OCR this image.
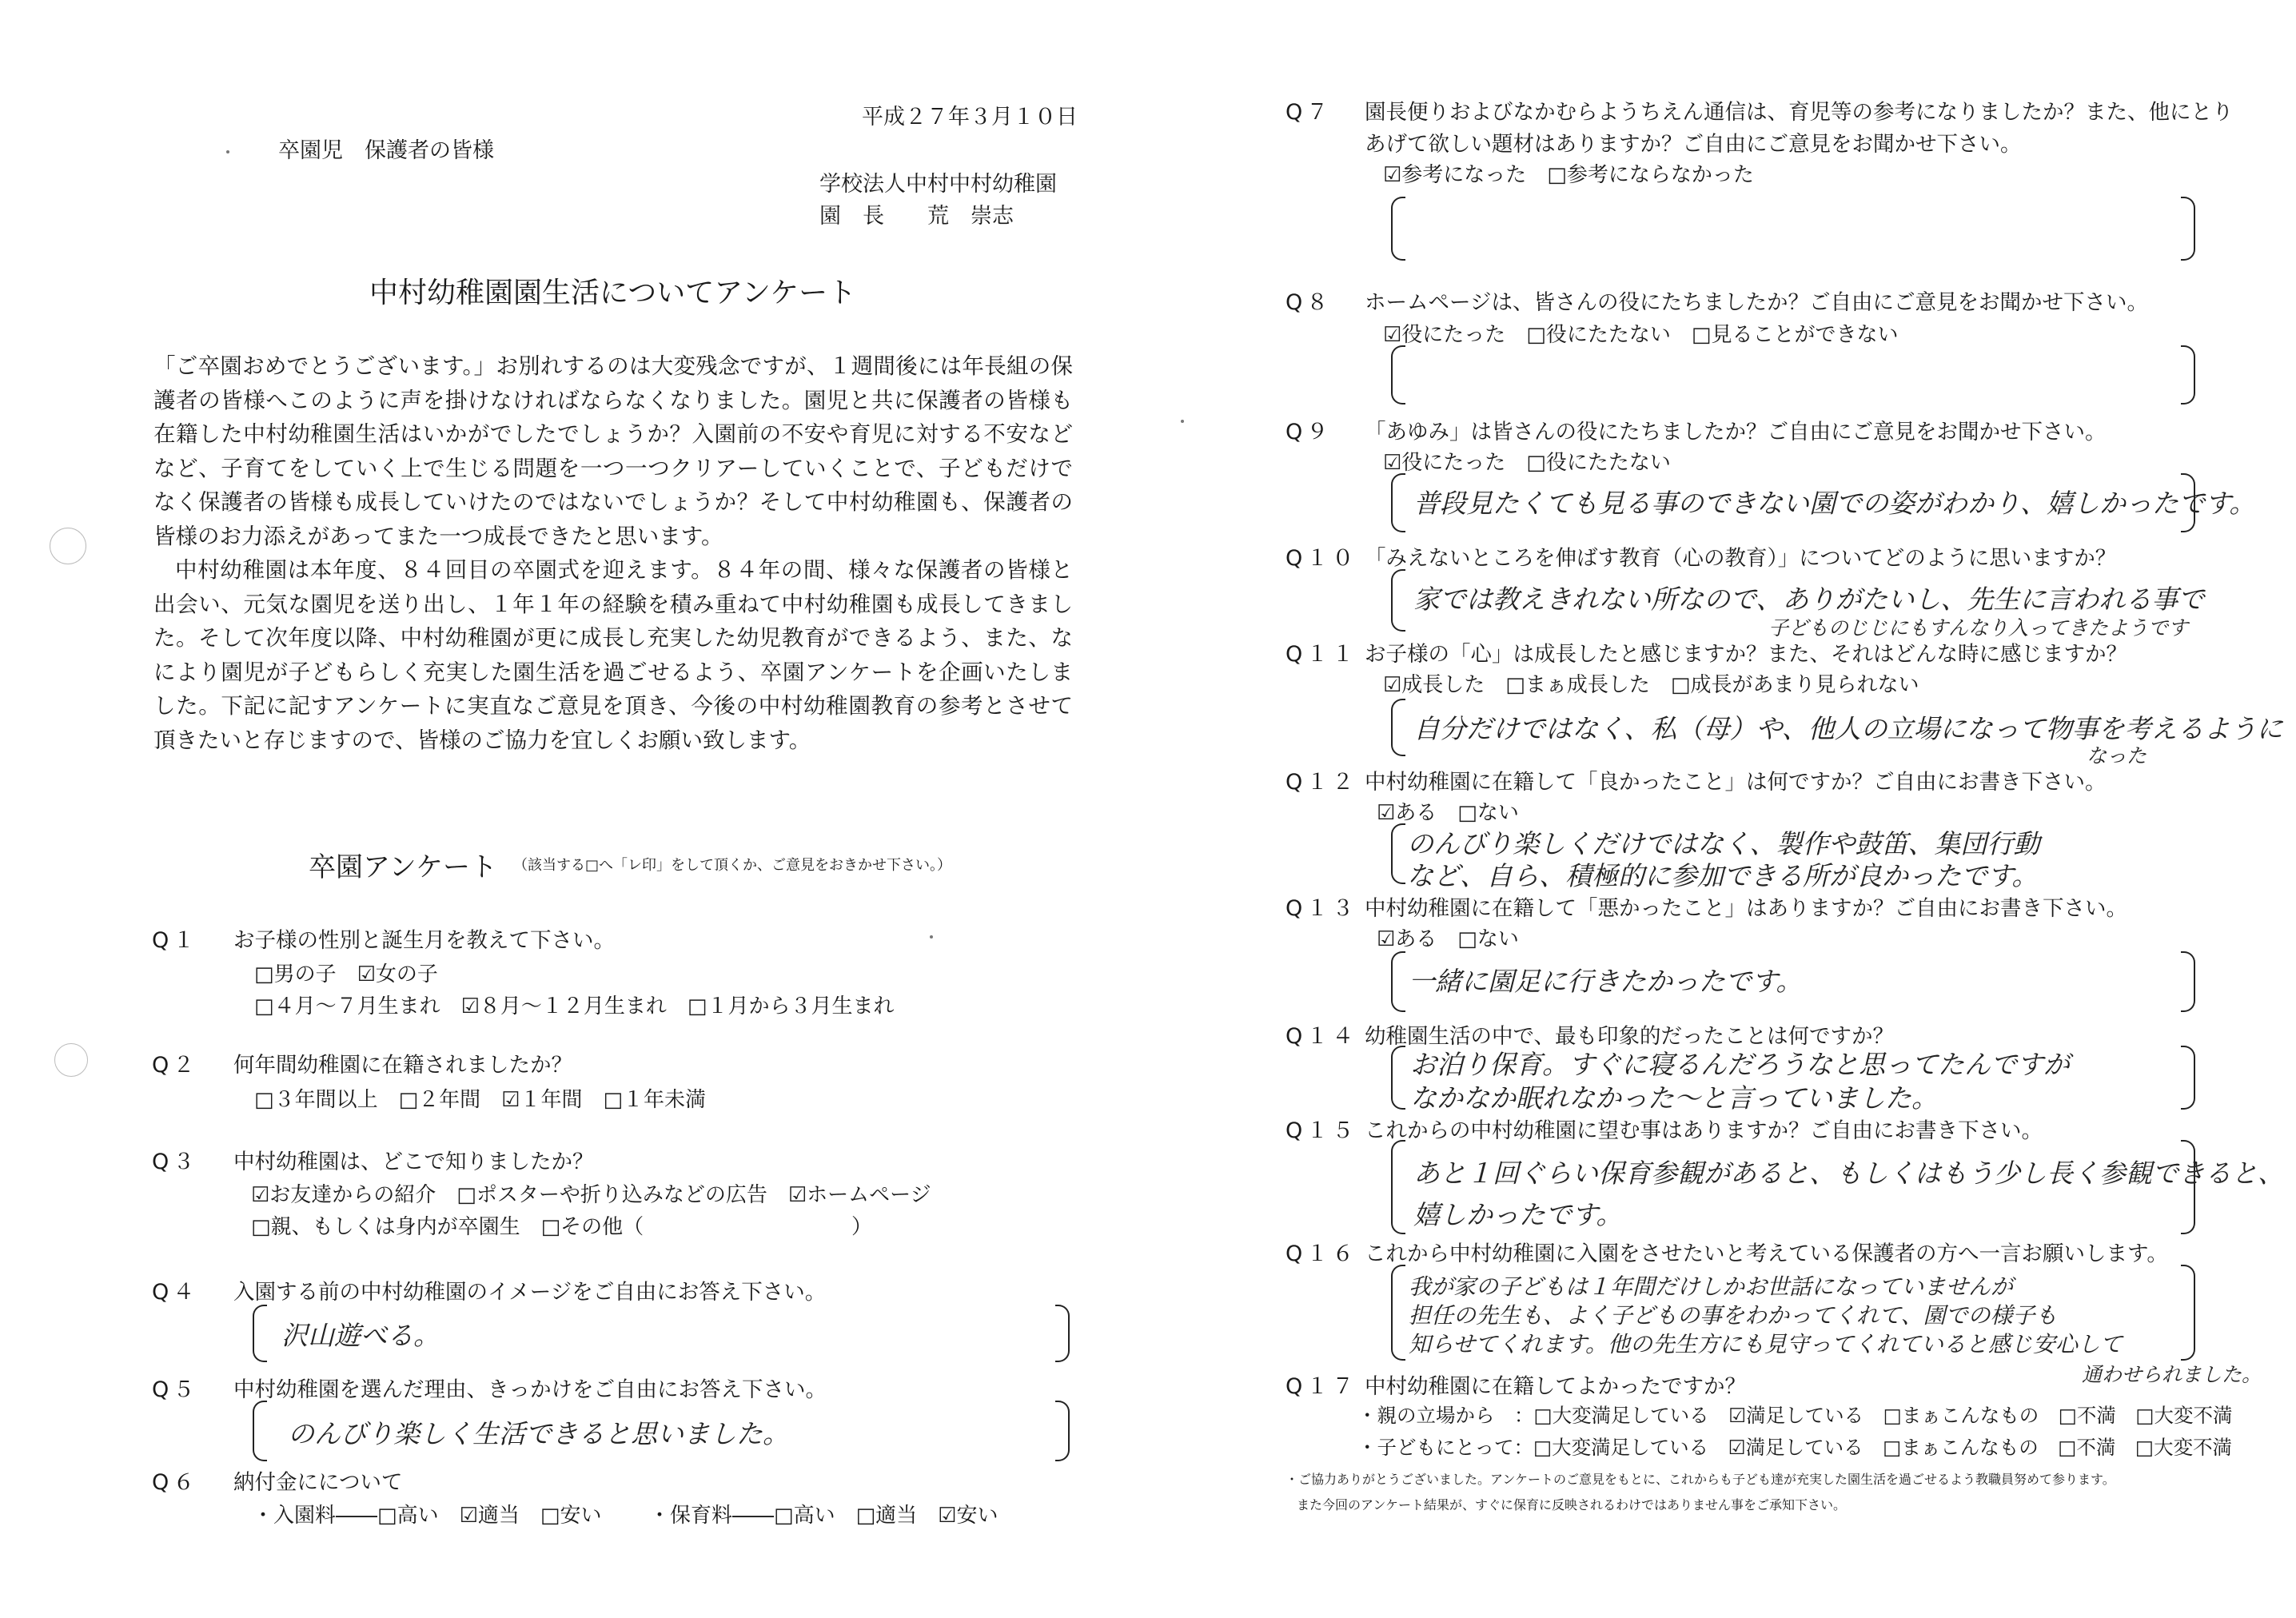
平成２７年３月１０日
卒園児　保護者の皆様
学校法人中村中村幼稚園
園　長　　荒　崇志
中村幼稚園園生活についてアンケート

「ご卒園おめでとうございます。」お別れするのは大変残念ですが、１週間後には年長組の保護者の皆様へこのように声を掛けなければならなくなりました。園児と共に保護者の皆様も在籍した中村幼稚園生活はいかがでしたでしょうか？入園前の不安や育児に対する不安などなど、子育てをしていく上で生じる問題を一つ一つクリアーしていくことで、子どもだけでなく保護者の皆様も成長していけたのではないでしょうか？そして中村幼稚園も、保護者の皆様のお力添えがあってまた一つ成長できたと思います。

中村幼稚園は本年度、８４回目の卒園式を迎えます。８４年の間、様々な保護者の皆様と出会い、元気な園児を送り出し、１年１年の経験を積み重ねて中村幼稚園も成長してきました。そして次年度以降、中村幼稚園が更に成長し充実した幼児教育ができるよう、また、なにより園児が子どもらしく充実した園生活を過ごせるよう、卒園アンケートを企画いたしました。下記に記すアンケートに実直なご意見を頂き、今後の中村幼稚園教育の参考とさせて頂きたいと存じますので、皆様のご協力を宜しくお願い致します。

卒園アンケート （該当する□へ「レ印」をして頂くか、ご意見をおきかせ下さい。）
Q１ お子様の性別と誕生月を教えて下さい。
□男の子　☑女の子
□４月～７月生まれ　☑８月～１２月生まれ　□１月から３月生まれ
Q２ 何年間幼稚園に在籍されましたか？
□３年間以上　□２年間　☑１年間　□１年未満
Q３ 中村幼稚園は、どこで知りましたか？
☑お友達からの紹介　□ポスターや折り込みなどの広告　☑ホームページ
□親、もしくは身内が卒園生　□その他（	）
Q４ 入園する前の中村幼稚園のイメージをご自由にお答え下さい。
沢山遊べる。
Q５ 中村幼稚園を選んだ理由、きっかけをご自由にお答え下さい。
のんびり楽しく生活できると思いました。
Q６ 納付金にについて
・入園料――□高い　☑適当　□安い ・保育料――□高い　□適当　☑安い
Q７ 園長便りおよびなかむらようちえん通信は、育児等の参考になりましたか？また、他にとり
あげて欲しい題材はありますか？ご自由にご意見をお聞かせ下さい。
☑参考になった　□参考にならなかった
Q８ ホームページは、皆さんの役にたちましたか？ご自由にご意見をお聞かせ下さい。
☑役にたった　□役にたたない　□見ることができない
Q９ 「あゆみ」は皆さんの役にたちましたか？ご自由にご意見をお聞かせ下さい。
☑役にたった　□役にたたない
普段見たくても見る事のできない園での姿がわかり、嬉しかったです。
Q１０ 「みえないところを伸ばす教育（心の教育）」についてどのように思いますか？
家では教えきれない所なので、ありがたいし、先生に言われる事で
子どものじじにもすんなり入ってきたようです
Q１１ お子様の「心」は成長したと感じますか？また、それはどんな時に感じますか？
☑成長した　□まぁ成長した　□成長があまり見られない
自分だけではなく、私（母）や、他人の立場になって物事を考えるように
なった
Q１２ 中村幼稚園に在籍して「良かったこと」は何ですか？ご自由にお書き下さい。
☑ある　□ない
のんびり楽しくだけではなく、製作や鼓笛、集団行動
など、自ら、積極的に参加できる所が良かったです。
Q１３ 中村幼稚園に在籍して「悪かったこと」はありますか？ご自由にお書き下さい。
☑ある　□ない
一緒に園足に行きたかったです。
Q１４ 幼稚園生活の中で、最も印象的だったことは何ですか？
お泊り保育。すぐに寝るんだろうなと思ってたんですが
なかなか眠れなかった～と言っていました。
Q１５ これからの中村幼稚園に望む事はありますか？ご自由にお書き下さい。
あと１回ぐらい保育参観があると、もしくはもう少し長く参観できると、
嬉しかったです。
Q１６ これから中村幼稚園に入園をさせたいと考えている保護者の方へ一言お願いします。
我が家の子どもは１年間だけしかお世話になっていませんが
担任の先生も、よく子どもの事をわかってくれて、園での様子も
知らせてくれます。他の先生方にも見守ってくれていると感じ安心して
通わせられました。
Q１７ 中村幼稚園に在籍してよかったですか？
・親の立場から　：□大変満足している　☑満足している　□まぁこんなもの　□不満　□大変不満
・子どもにとって：□大変満足している　☑満足している　□まぁこんなもの　□不満　□大変不満
・ご協力ありがとうございました。アンケートのご意見をもとに、これからも子ども達が充実した園生活を過ごせるよう教職員努めて参ります。
また今回のアンケート結果が、すぐに保育に反映されるわけではありません事をご承知下さい。
